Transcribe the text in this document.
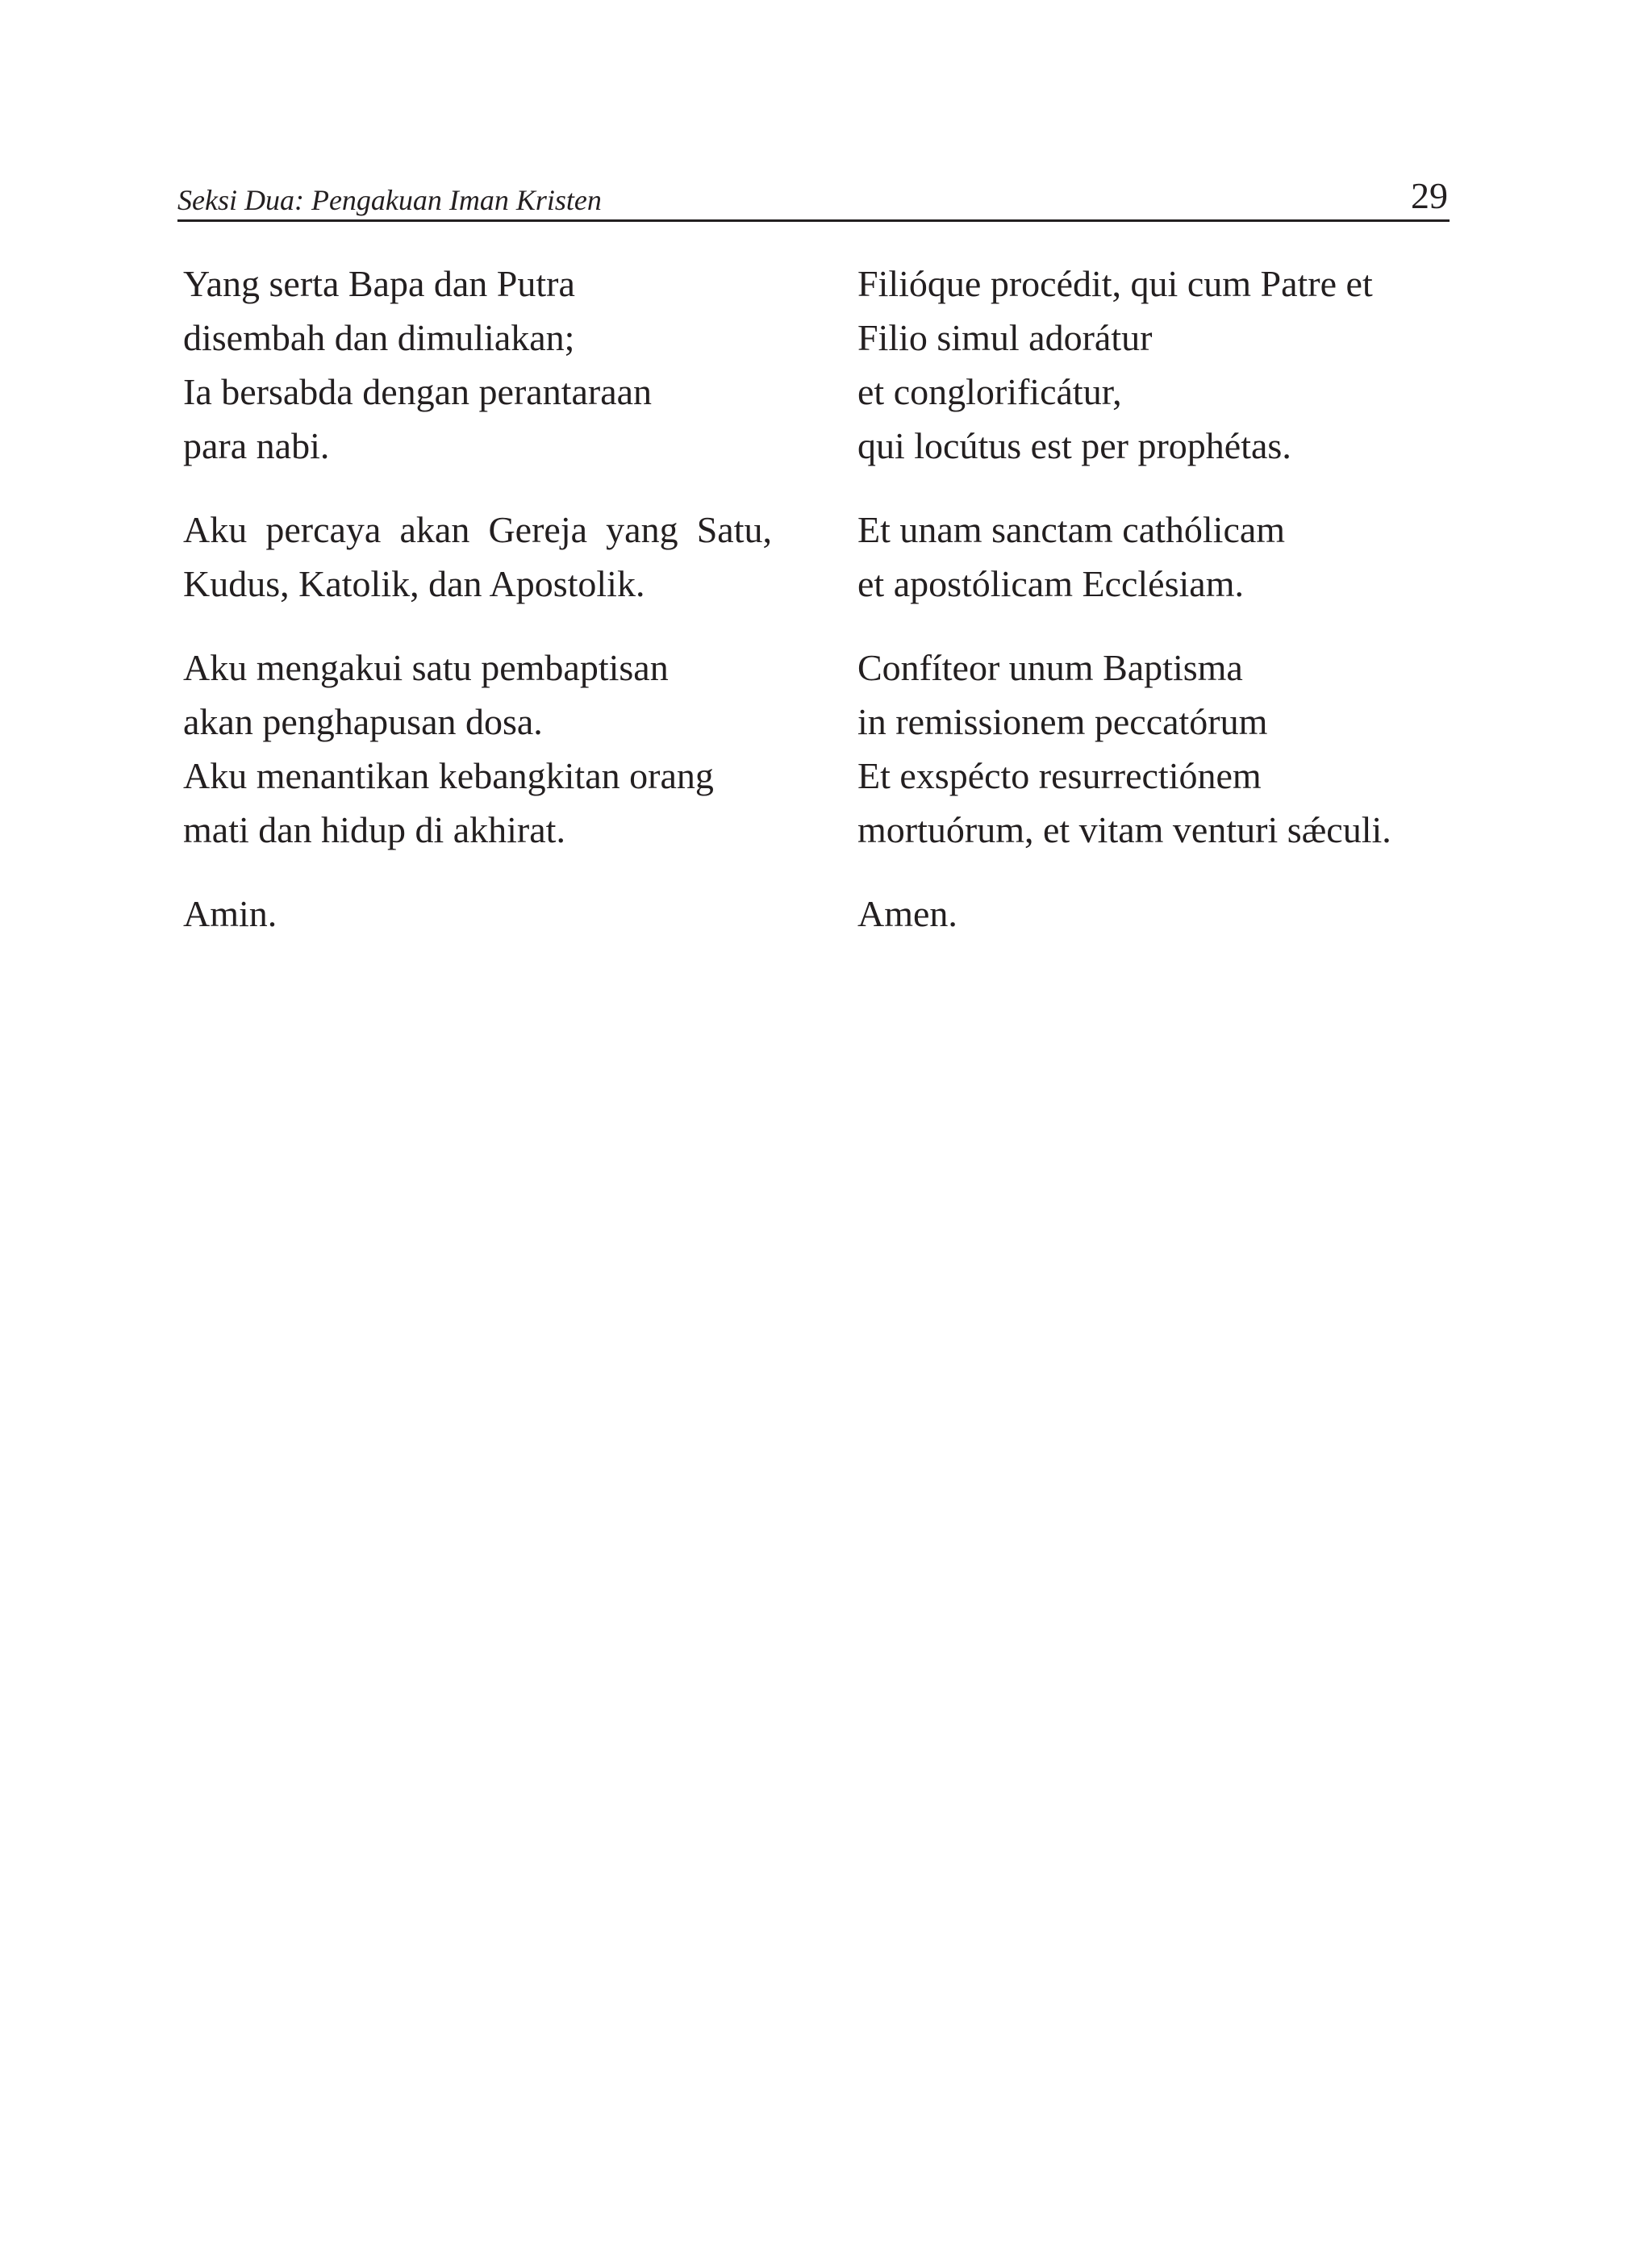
Seksi Dua: Pengakuan Iman Kristen	29
Yang serta Bapa dan Putra
disembah dan dimuliakan;
Ia bersabda dengan perantaraan
para nabi.
Aku percaya akan Gereja yang Satu,
Kudus, Katolik, dan Apostolik.
Aku mengakui satu pembaptisan
akan penghapusan dosa.
Aku menantikan kebangkitan orang
mati dan hidup di akhirat.
Amin.
Filióque procédit, qui cum Patre et
Filio simul adorátur
et conglorificátur,
qui locútus est per prophétas.
Et unam sanctam cathólicam
et apostólicam Ecclésiam.
Confíteor unum Baptisma
in remissionem peccatórum
Et exspécto resurrectiónem
mortuórum, et vitam venturi sǽculi.
Amen.
